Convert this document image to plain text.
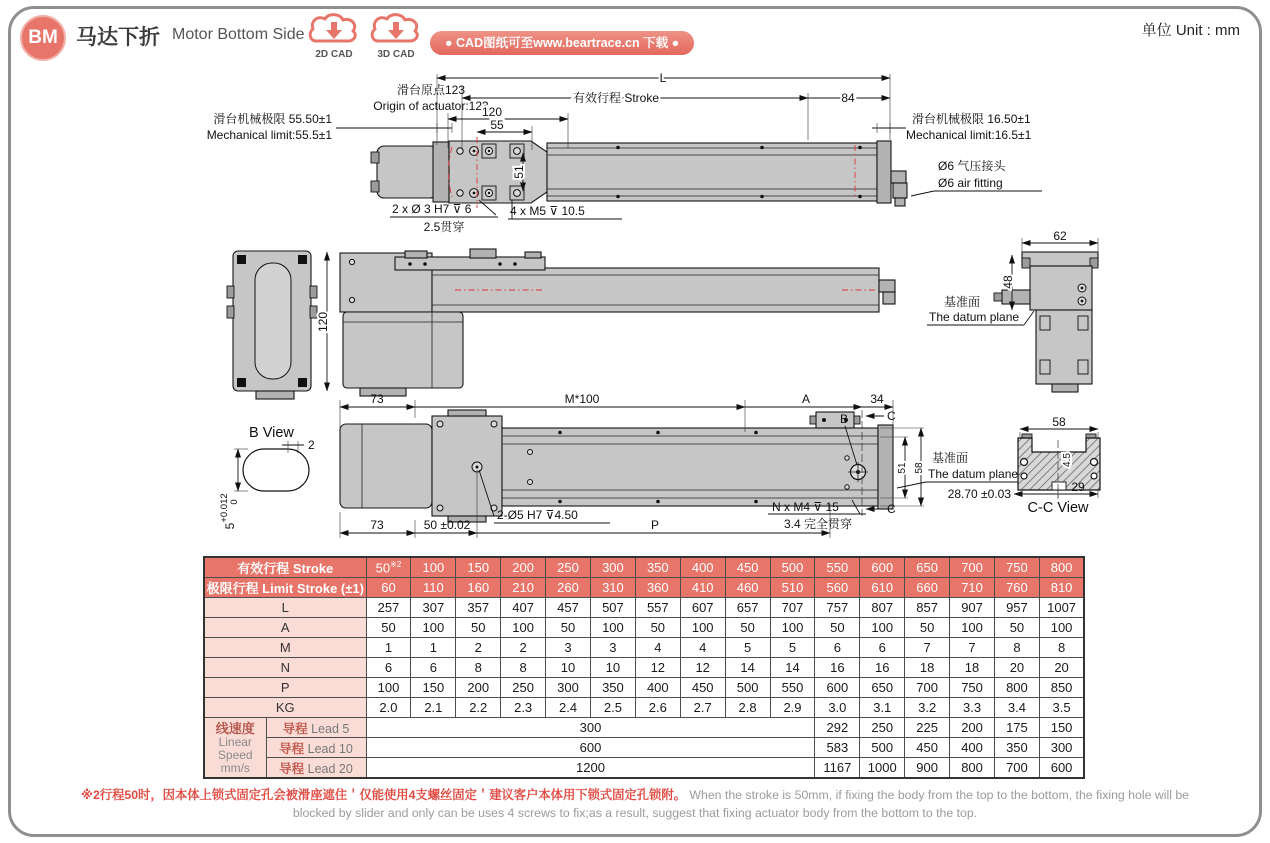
BM 马达下折 Motor Bottom Side
2D CAD	3D CAD
● CAD图纸可至www.beartrace.cn 下载 ●
单位 Unit : mm
L
有效行程 Stroke	84
滑台原点123
Origin of actuator:123
120
55
51
滑台机械极限 55.50±1
Mechanical limit:55.5±1
滑台机械极限 16.50±1
Mechanical limit:16.5±1
Ø6 气压接头
Ø6 air fitting
2 x Ø 3 H7 ⊽ 6
2.5贯穿
4 x M5 ⊽ 10.5
120
62
48
基准面
The datum plane
73	M*100	A	34
B	C
C
51 58
基准面
The datum plane
2-Ø5 H7 ⊽4.50
N x M4 ⊽ 15
3.4 完全贯穿
73	50 ±0.02	P
B View
2
+0.012 0
5
58
4.5
29
28.70 ±0.03
C-C View
有效行程 Stroke		50$^{※2}$	100	150	200	250	300	350	400	450	500	550	600	650	700	750	800
极限行程 Limit Stroke (±1)		60	110	160	210	260	310	360	410	460	510	560	610	660	710	760	810
L		257	307	357	407	457	507	557	607	657	707	757	807	857	907	957	1007
A		50	100	50	100	50	100	50	100	50	100	50	100	50	100	50	100
M		1	1	2	2	3	3	4	4	5	5	6	6	7	7	8	8
N		6	6	8	8	10	10	12	12	14	14	16	16	18	18	20	20
P		100	150	200	250	300	350	400	450	500	550	600	650	700	750	800	850
KG		2.0	2.1	2.2	2.3	2.4	2.5	2.6	2.7	2.8	2.9	3.0	3.1	3.2	3.3	3.4	3.5

线速度
Linear
Speed
mm/s	导程 Lead 5	300										292	250	225	200	175	150
	导程 Lead 10	600										583	500	450	400	350	300
	导程 Lead 20	1200										1167	1000	900	800	700	600
※2行程50时，因本体上锁式固定孔会被滑座遮住＇仅能使用4支螺丝固定＇建议客户本体用下锁式固定孔锁附。 When the stroke is 50mm, if fixing the body from the top to the bottom, the fixing hole will be blocked by slider and only can be uses 4 screws to fix;as a result, suggest that fixing actuator body from the bottom to the top.
